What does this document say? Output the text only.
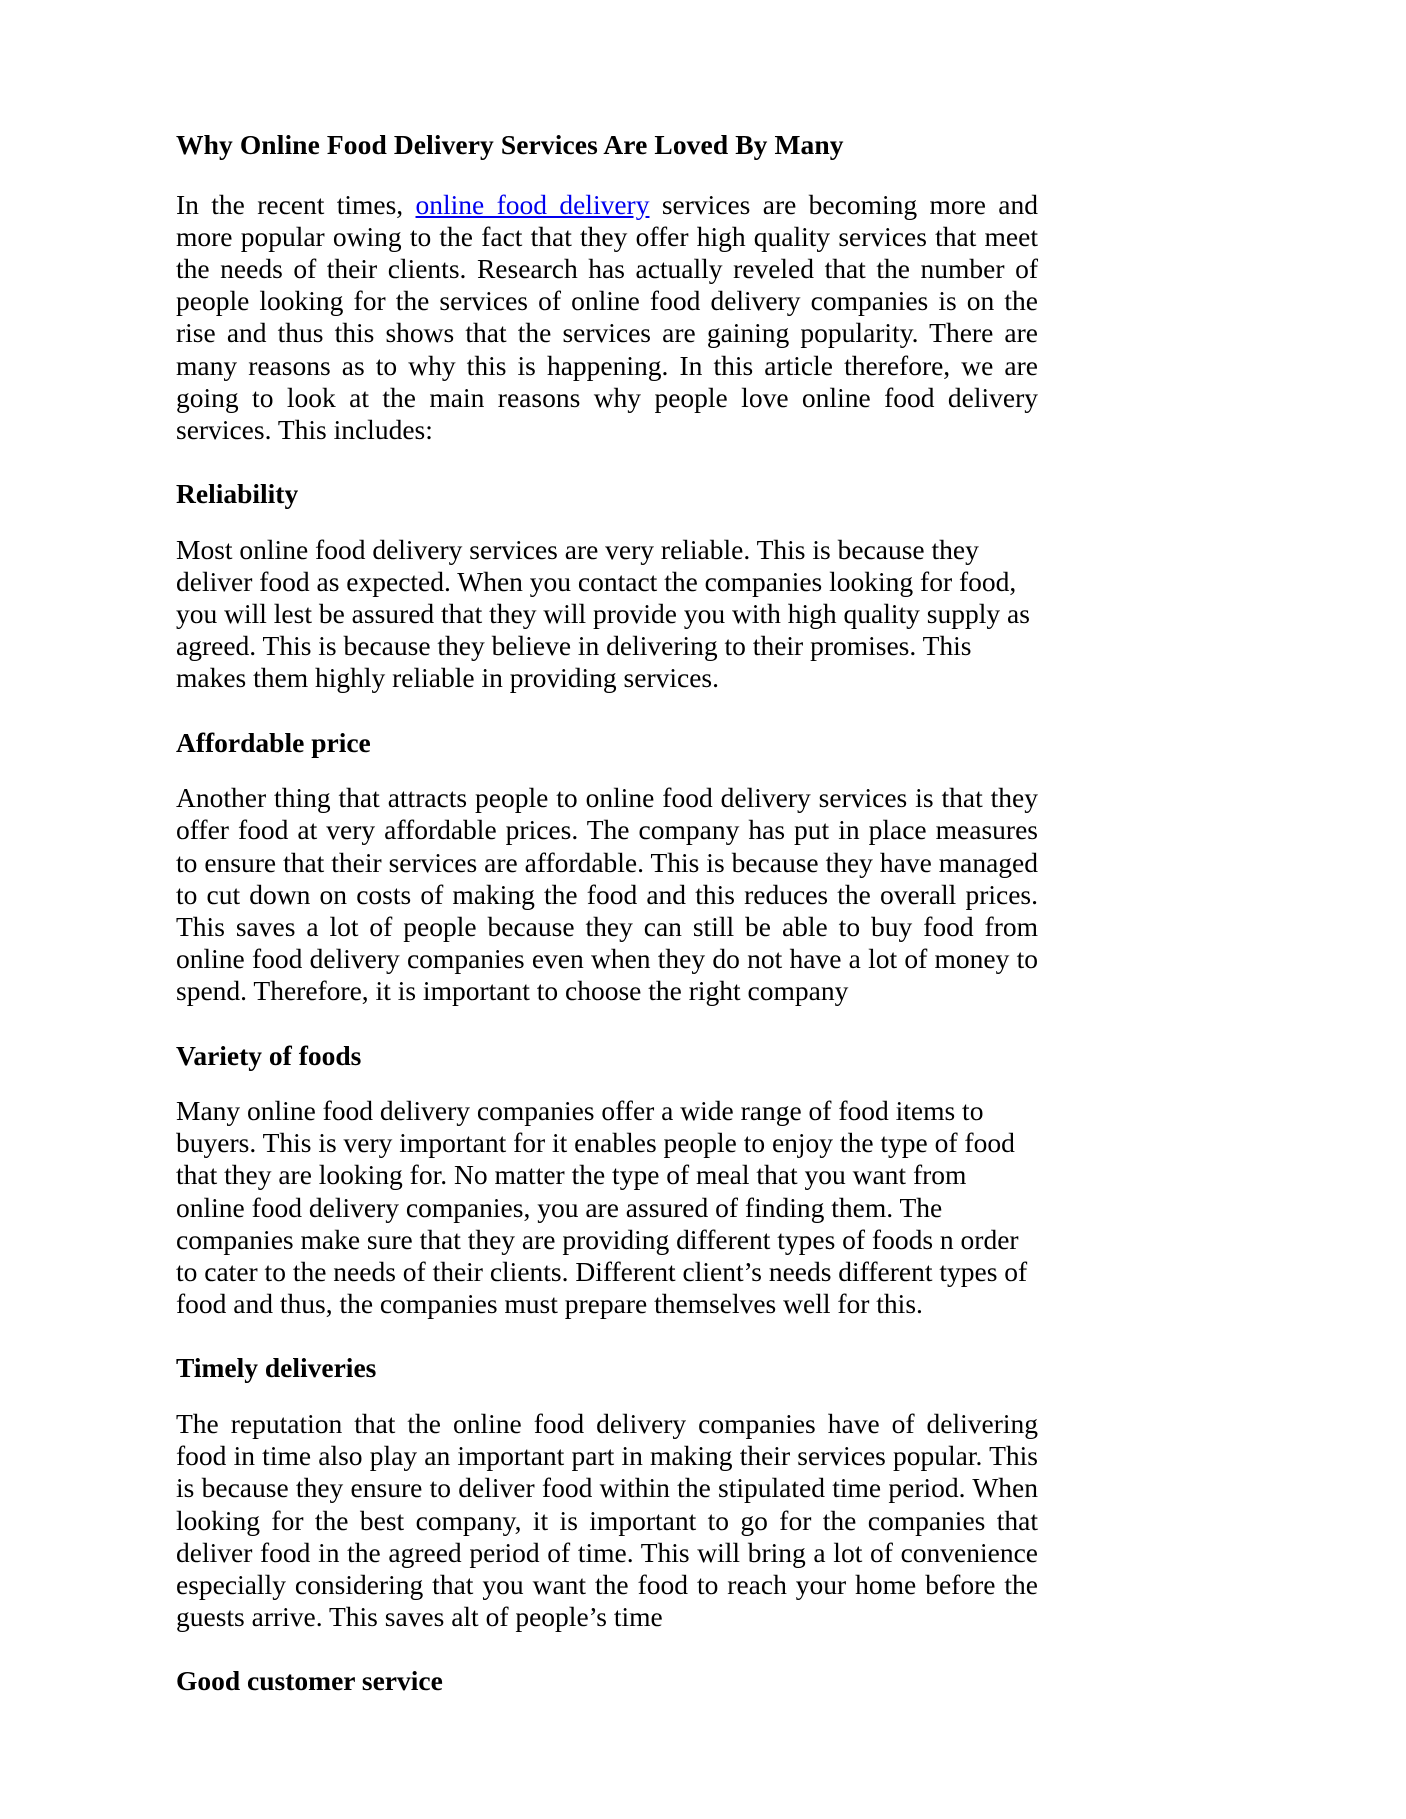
Why Online Food Delivery Services Are Loved By Many

In the recent times, online food delivery services are becoming more and more popular owing to the fact that they offer high quality services that meet the needs of their clients. Research has actually reveled that the number of people looking for the services of online food delivery companies is on the rise and thus this shows that the services are gaining popularity. There are many reasons as to why this is happening. In this article therefore, we are going to look at the main reasons why people love online food delivery services. This includes:

Reliability

Most online food delivery services are very reliable. This is because they deliver food as expected. When you contact the companies looking for food, you will lest be assured that they will provide you with high quality supply as agreed. This is because they believe in delivering to their promises. This makes them highly reliable in providing services.

Affordable price

Another thing that attracts people to online food delivery services is that they offer food at very affordable prices. The company has put in place measures to ensure that their services are affordable. This is because they have managed to cut down on costs of making the food and this reduces the overall prices. This saves a lot of people because they can still be able to buy food from online food delivery companies even when they do not have a lot of money to spend. Therefore, it is important to choose the right company

Variety of foods

Many online food delivery companies offer a wide range of food items to buyers. This is very important for it enables people to enjoy the type of food that they are looking for. No matter the type of meal that you want from online food delivery companies, you are assured of finding them. The companies make sure that they are providing different types of foods n order to cater to the needs of their clients. Different client’s needs different types of food and thus, the companies must prepare themselves well for this.

Timely deliveries

The reputation that the online food delivery companies have of delivering food in time also play an important part in making their services popular. This is because they ensure to deliver food within the stipulated time period. When looking for the best company, it is important to go for the companies that deliver food in the agreed period of time. This will bring a lot of convenience especially considering that you want the food to reach your home before the guests arrive. This saves alt of people’s time

Good customer service
